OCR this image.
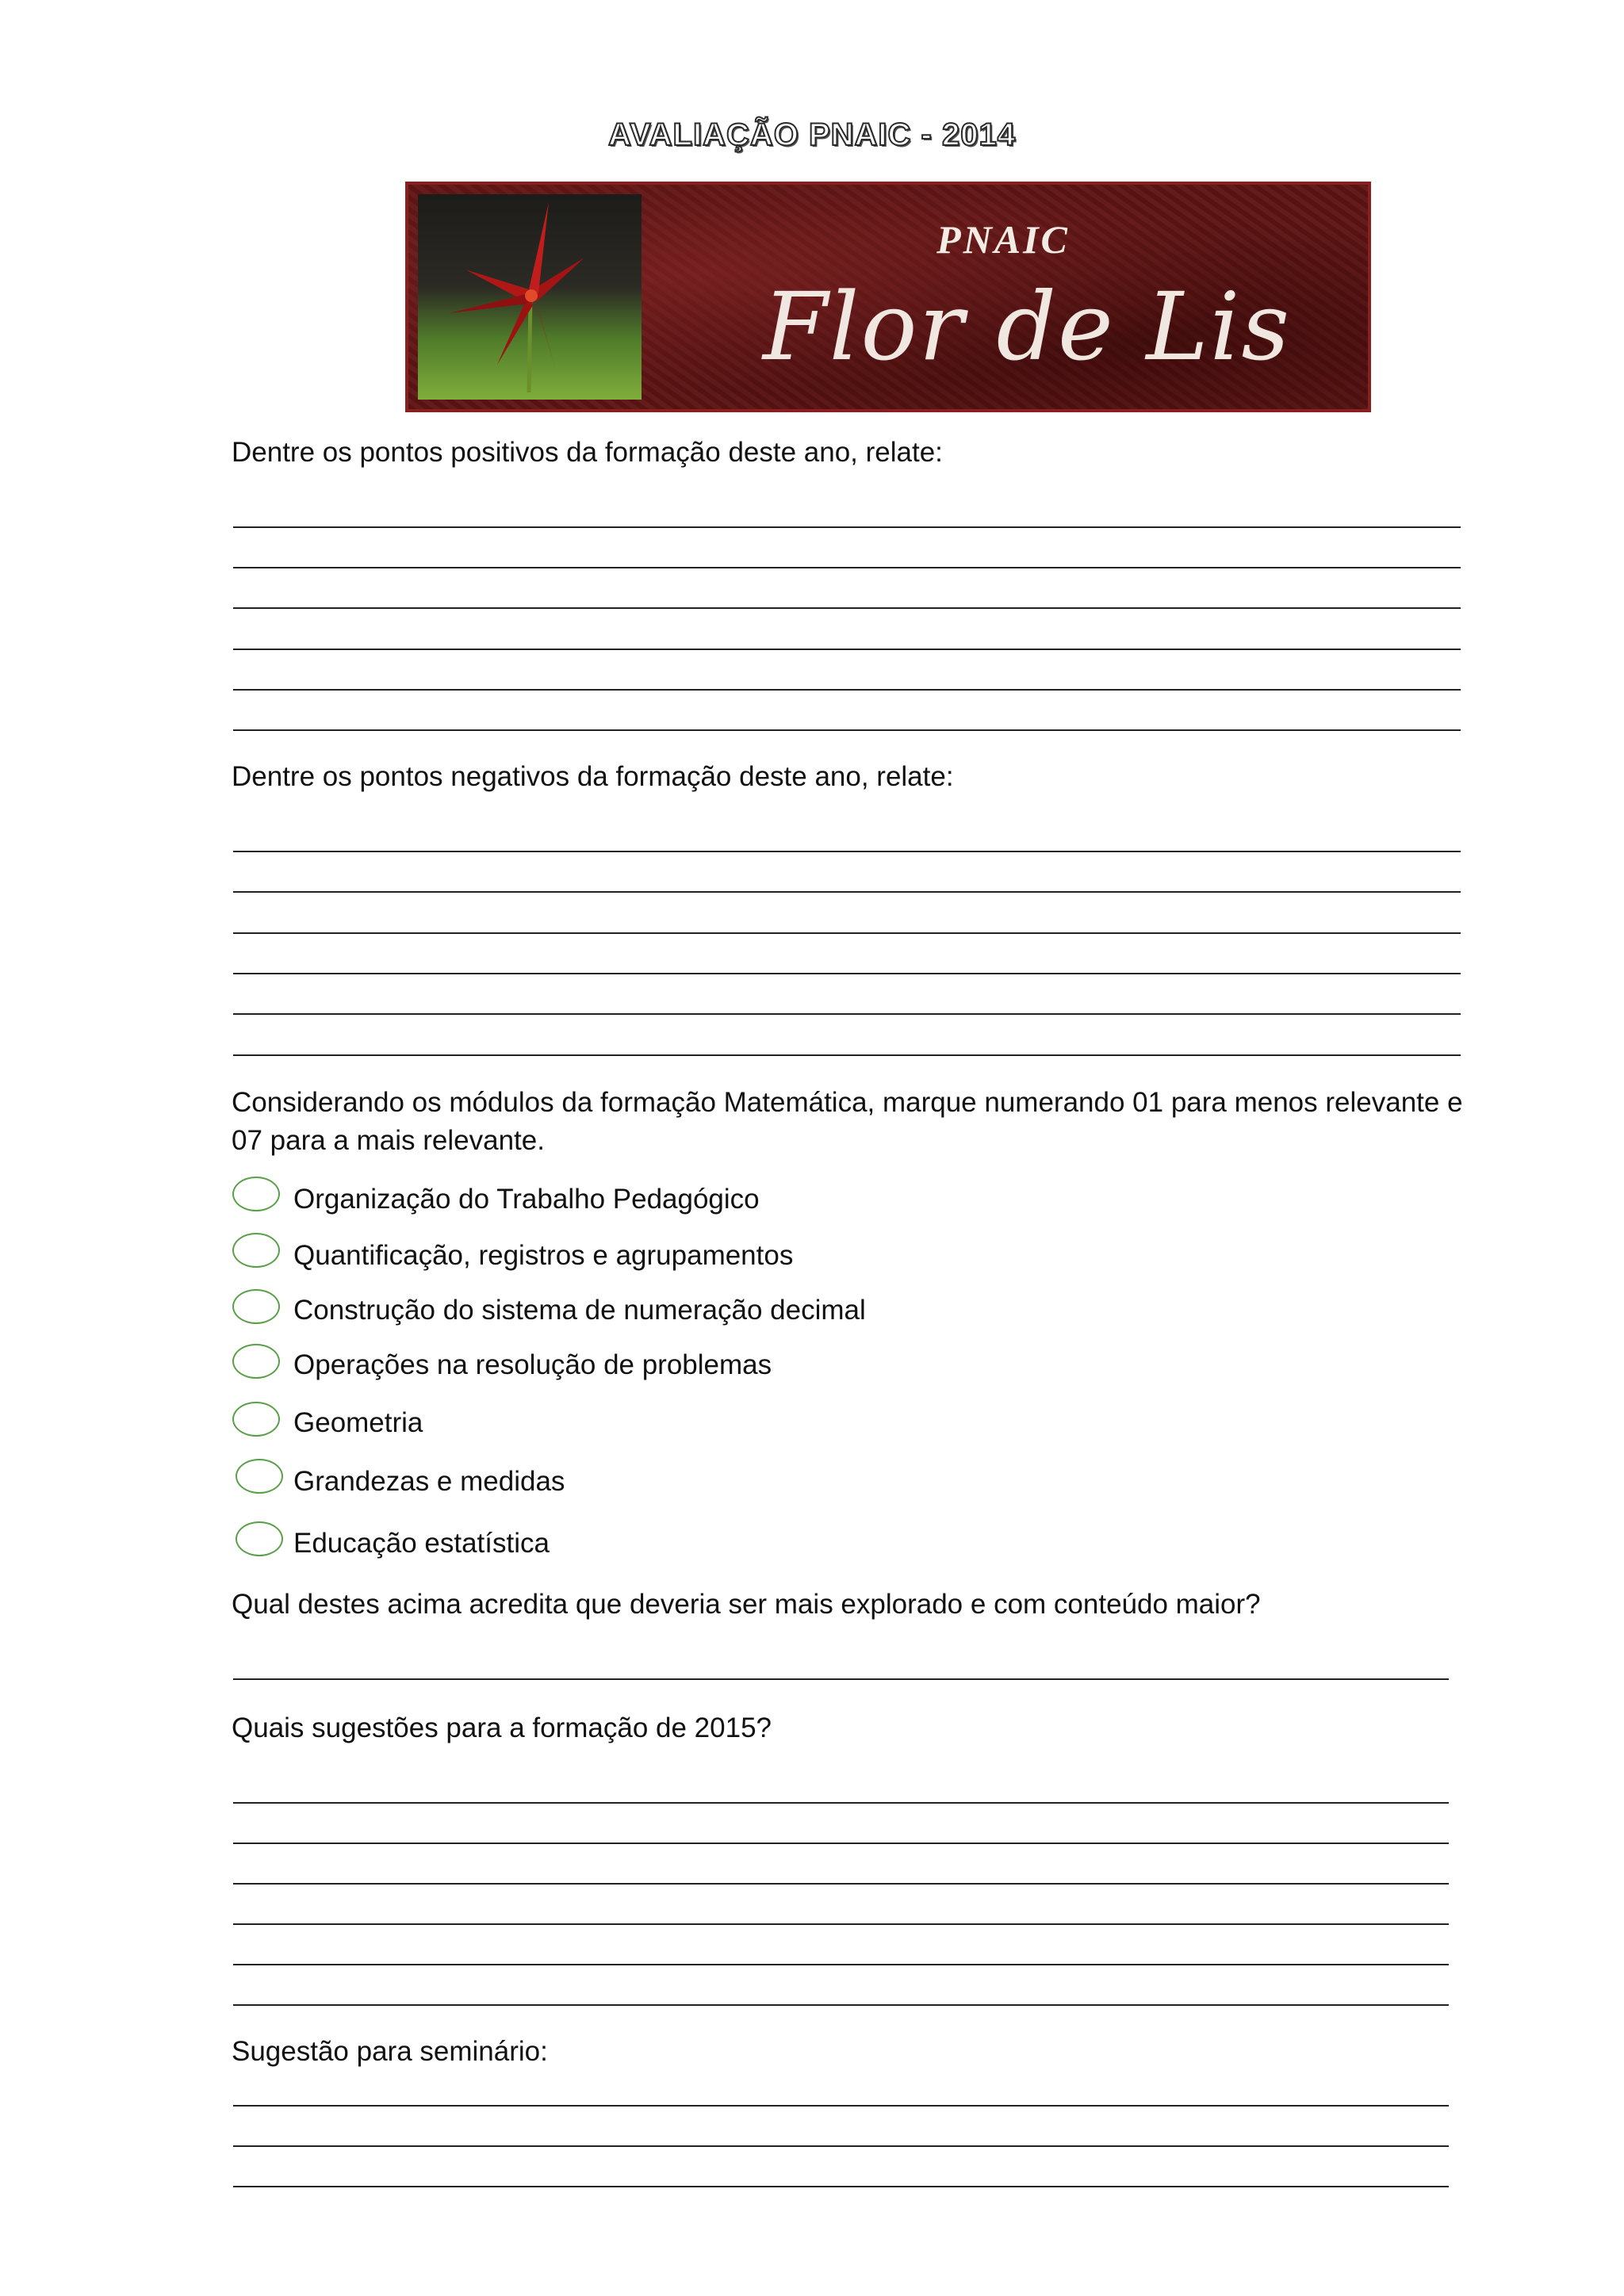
AVALIAÇÃO PNAIC - 2014
PNAIC
Flor de Lis
Dentre os pontos positivos da formação deste ano, relate:
Dentre os pontos negativos da formação deste ano, relate:
Considerando os módulos da formação Matemática, marque numerando 01 para menos relevante e 07 para a mais relevante.
Organização do Trabalho Pedagógico
Quantificação, registros e agrupamentos
Construção do sistema de numeração decimal
Operações na resolução de problemas
Geometria
Grandezas e medidas
Educação estatística
Qual destes acima acredita que deveria ser mais explorado e com conteúdo maior?
Quais sugestões para a formação de 2015?
Sugestão para seminário:
